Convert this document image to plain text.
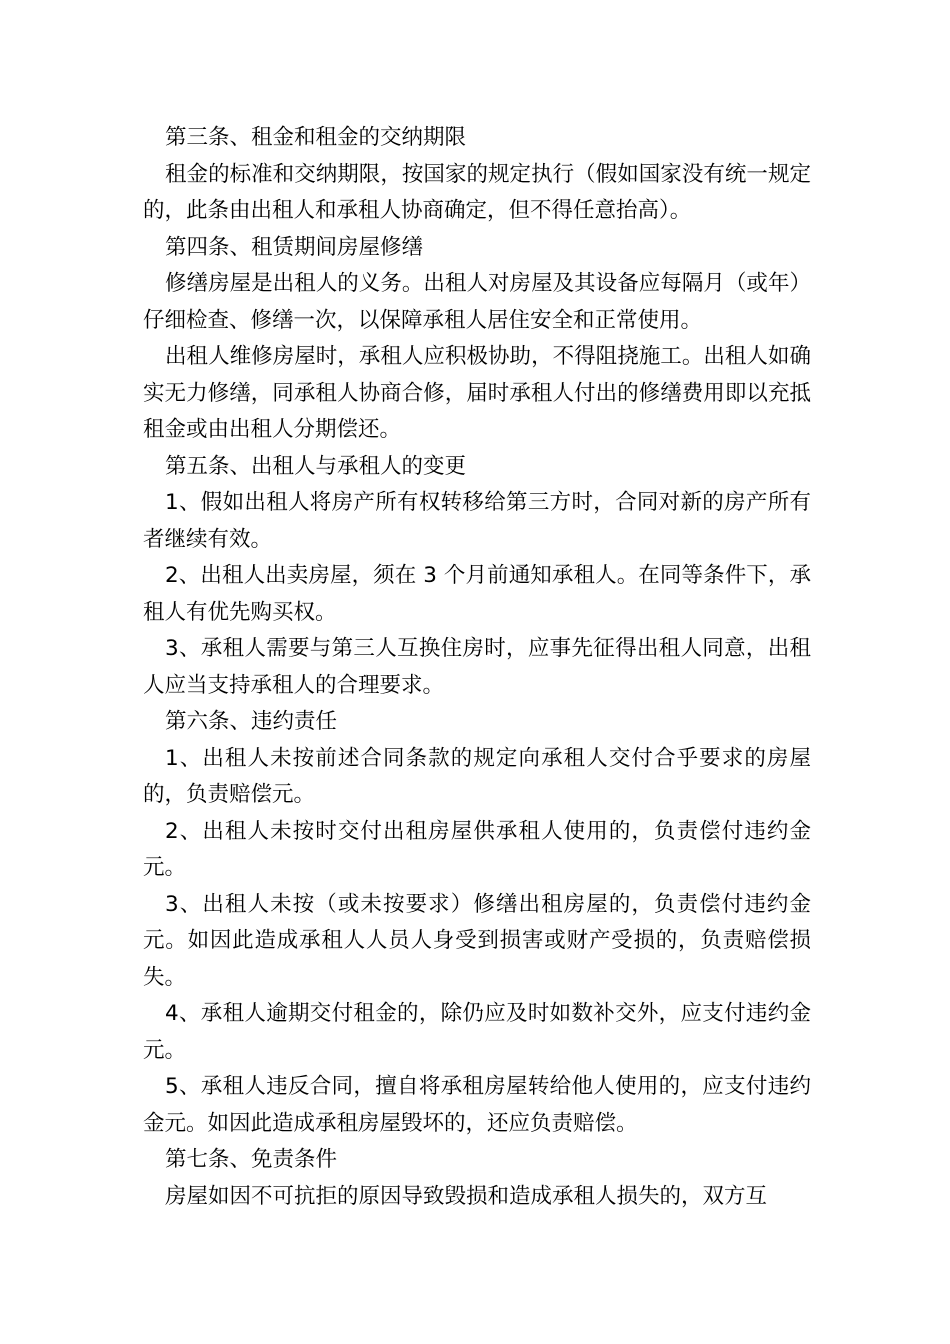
第三条、租金和租金的交纳期限

租金的标准和交纳期限，按国家的规定执行（假如国家没有统一规定的，此条由出租人和承租人协商确定，但不得任意抬高）。

第四条、租赁期间房屋修缮

修缮房屋是出租人的义务。出租人对房屋及其设备应每隔月（或年）仔细检查、修缮一次，以保障承租人居住安全和正常使用。

出租人维修房屋时，承租人应积极协助，不得阻挠施工。出租人如确实无力修缮，同承租人协商合修，届时承租人付出的修缮费用即以充抵租金或由出租人分期偿还。

第五条、出租人与承租人的变更

1、假如出租人将房产所有权转移给第三方时，合同对新的房产所有者继续有效。

2、出租人出卖房屋，须在 3 个月前通知承租人。在同等条件下，承租人有优先购买权。

3、承租人需要与第三人互换住房时，应事先征得出租人同意，出租人应当支持承租人的合理要求。

第六条、违约责任

1、出租人未按前述合同条款的规定向承租人交付合乎要求的房屋的，负责赔偿元。

2、出租人未按时交付出租房屋供承租人使用的，负责偿付违约金元。

3、出租人未按（或未按要求）修缮出租房屋的，负责偿付违约金元。如因此造成承租人人员人身受到损害或财产受损的，负责赔偿损失。

4、承租人逾期交付租金的，除仍应及时如数补交外，应支付违约金元。

5、承租人违反合同，擅自将承租房屋转给他人使用的，应支付违约金元。如因此造成承租房屋毁坏的，还应负责赔偿。

第七条、免责条件

房屋如因不可抗拒的原因导致毁损和造成承租人损失的，双方互
